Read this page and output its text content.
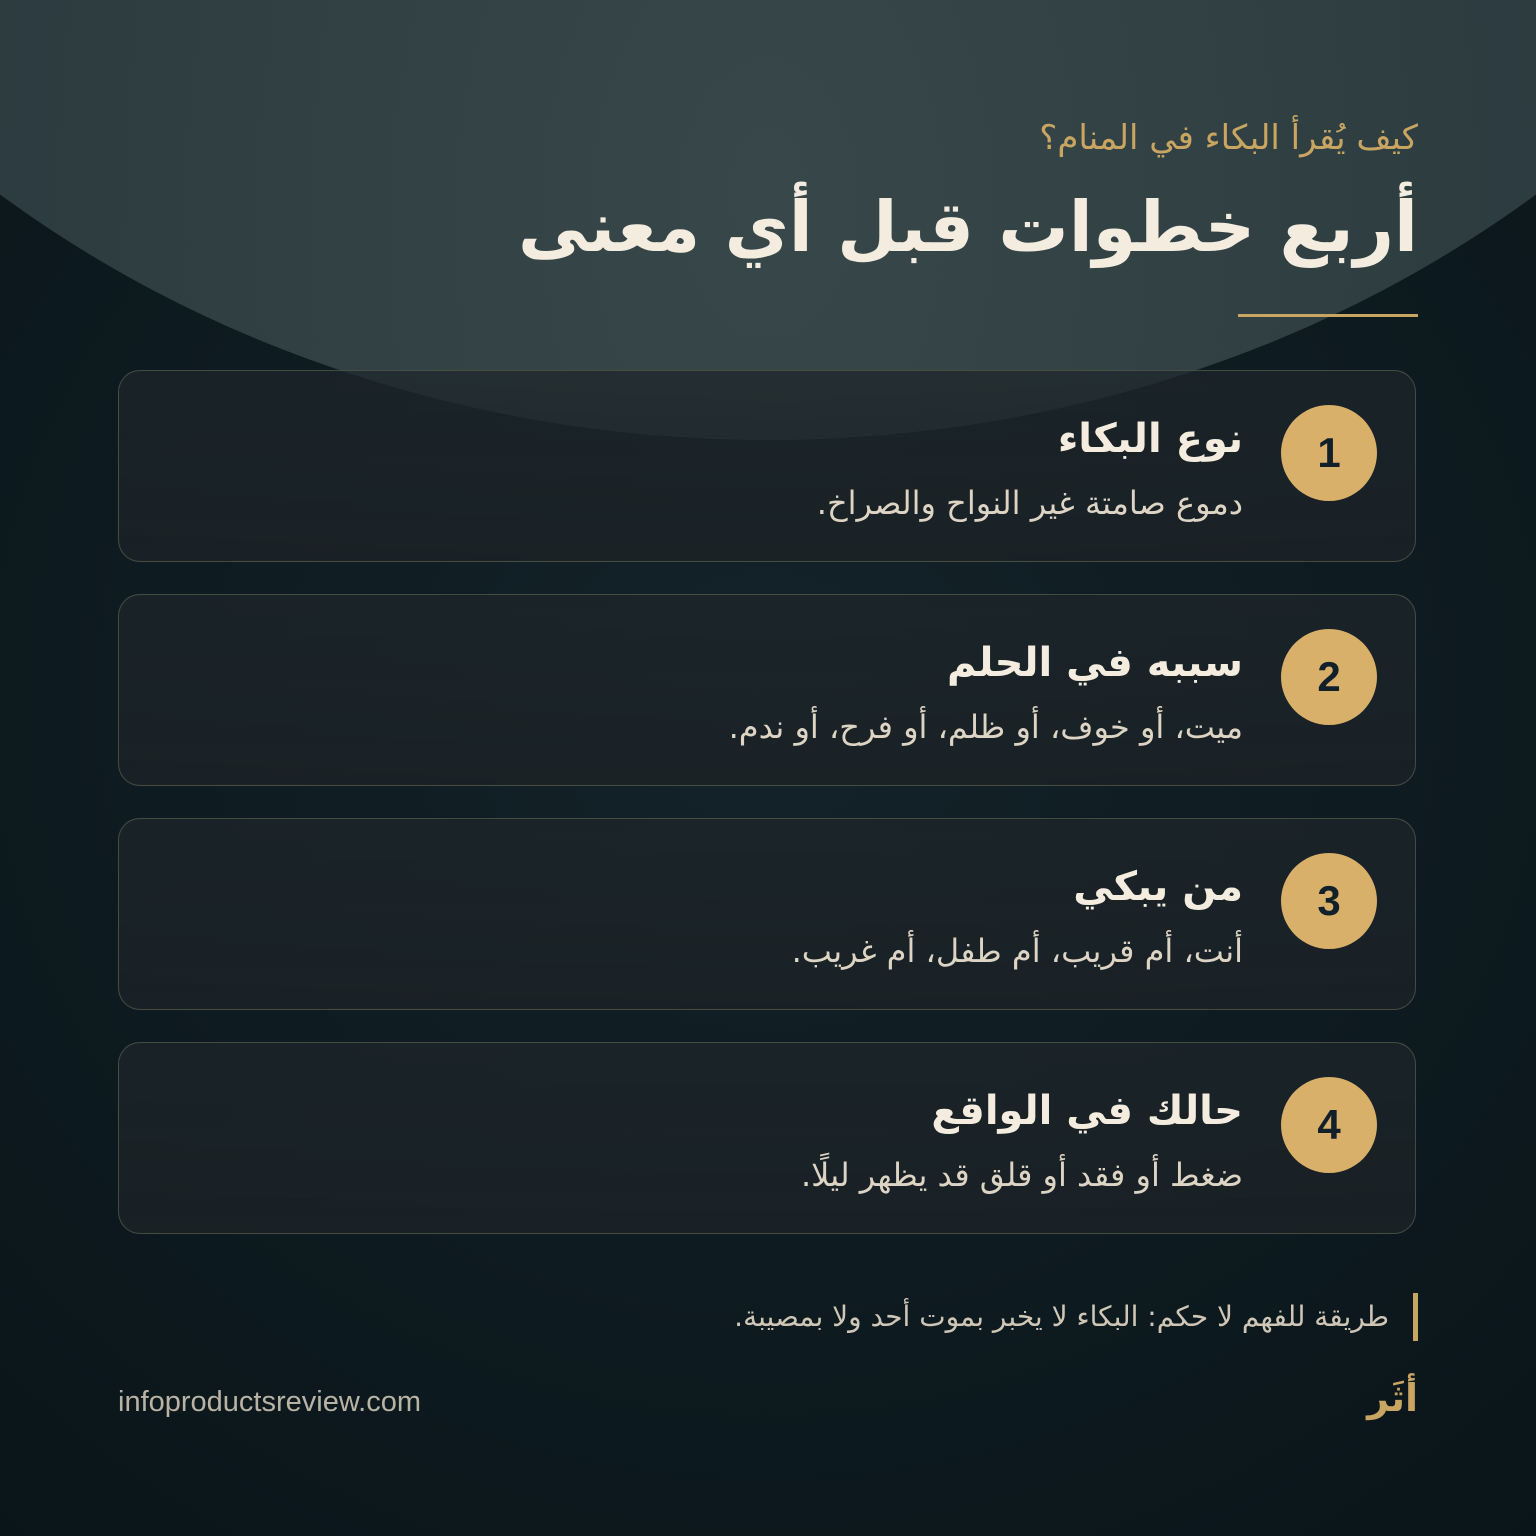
كيف يُقرأ البكاء في المنام؟
أربع خطوات قبل أي معنى
1
نوع البكاء
دموع صامتة غير النواح والصراخ.
2
سببه في الحلم
ميت، أو خوف، أو ظلم، أو فرح، أو ندم.
3
من يبكي
أنت، أم قريب، أم طفل، أم غريب.
4
حالك في الواقع
ضغط أو فقد أو قلق قد يظهر ليلًا.
طريقة للفهم لا حكم: البكاء لا يخبر بموت أحد ولا بمصيبة.
infoproductsreview.com	أثَر
